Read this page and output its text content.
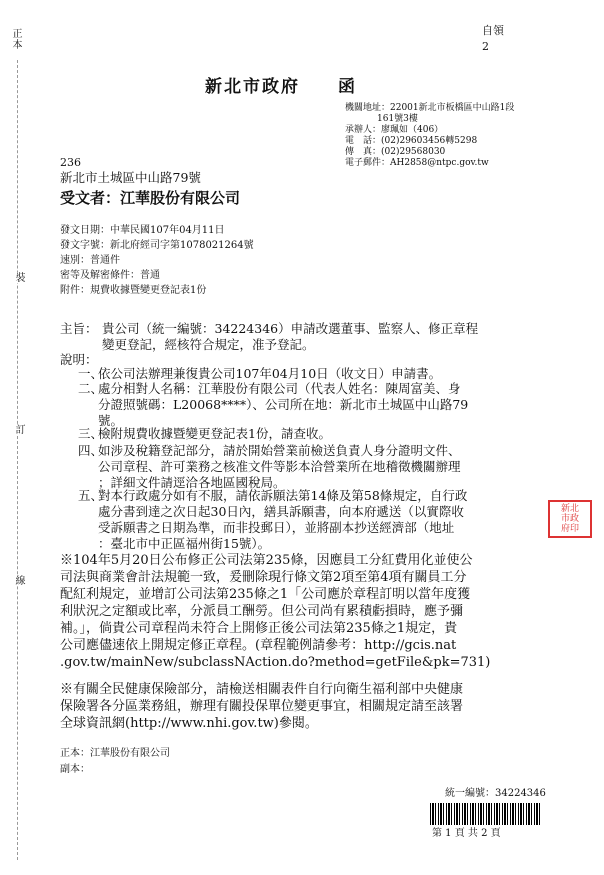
正本
裝
訂
線
自領
2
新北市政府　　函
機關地址：22001新北市板橋區中山路1段
161號3樓
承辦人：廖珮如（406）
電　話：(02)29603456轉5298
傳　真：(02)29568030
電子郵件：AH2858@ntpc.gov.tw
236
新北市土城區中山路79號
受文者：江華股份有限公司
發文日期：中華民國107年04月11日
發文字號：新北府經司字第1078021264號
速別：普通件
密等及解密條件：普通
附件：規費收據暨變更登記表1份
主旨： 貴公司（統一編號：34224346）申請改選董事、監察人、修正章程
變更登記，經核符合規定，准予登記。
說明：
一、
依公司法辦理兼復貴公司107年04月10日（收文日）申請書。
二、
處分相對人名稱：江華股份有限公司（代表人姓名：陳周富美、身
分證照號碼：L20068****）、公司所在地：新北市土城區中山路79
號。
三、
檢附規費收據暨變更登記表1份，請查收。
四、
如涉及稅籍登記部分，請於開始營業前檢送負責人身分證明文件、
公司章程、許可業務之核准文件等影本洽營業所在地稽徵機關辦理
；詳細文件請逕洽各地區國稅局。
五、
對本行政處分如有不服，請依訴願法第14條及第58條規定，自行政
處分書到達之次日起30日內，繕具訴願書，向本府遞送（以實際收
受訴願書之日期為準，而非投郵日），並將副本抄送經濟部（地址
：臺北市中正區福州街15號）。
新北
市政
府印
※104年5月20日公布修正公司法第235條，因應員工分紅費用化並使公
司法與商業會計法規範一致，爰刪除現行條文第2項至第4項有關員工分
配紅利規定，並增訂公司法第235條之1「公司應於章程訂明以當年度獲
利狀況之定額或比率，分派員工酬勞。但公司尚有累積虧損時，應予彌
補。」，倘貴公司章程尚未符合上開修正後公司法第235條之1規定，貴
公司應儘速依上開規定修正章程。(章程範例請參考：http://gcis.nat
.gov.tw/mainNew/subclassNAction.do?method=getFile&pk=731)
※有關全民健康保險部分，請檢送相關表件自行向衛生福利部中央健康
保險署各分區業務組，辦理有關投保單位變更事宜，相關規定請至該署
全球資訊網(http://www.nhi.gov.tw)參閱。
正本：江華股份有限公司
副本：
統一編號：34224346
第 1 頁 共 2 頁
